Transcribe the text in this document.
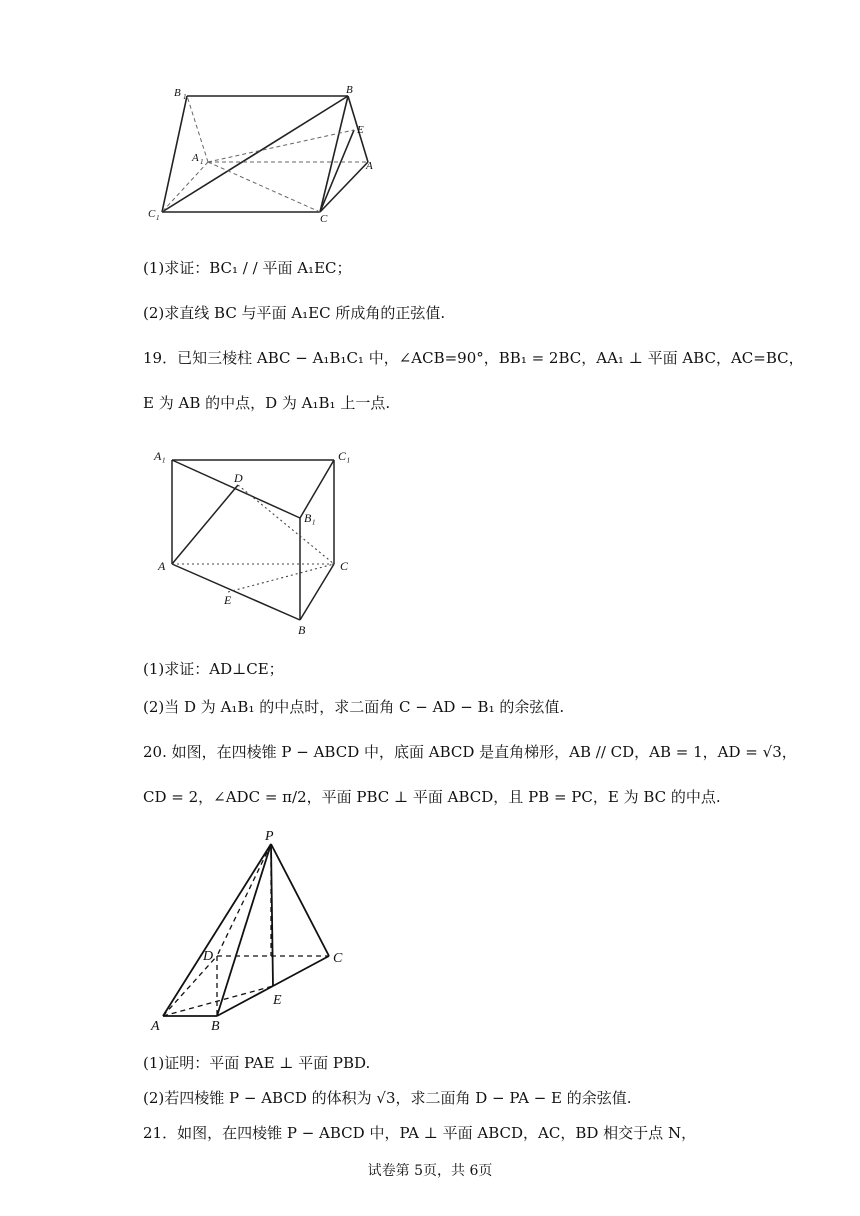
B 1
B
E
A 1	A
C 1	C
(1)求证：BC₁ / / 平面 A₁EC；
(2)求直线 BC 与平面 A₁EC 所成角的正弦值.
19．已知三棱柱 ABC − A₁B₁C₁ 中，∠ACB=90°，BB₁ = 2BC，AA₁ ⊥ 平面 ABC，AC=BC，
E 为 AB 的中点，D 为 A₁B₁ 上一点.
A₁	C₁
D
B₁
A	C
E
B
(1)求证：AD⊥CE；
(2)当 D 为 A₁B₁ 的中点时，求二面角 C − AD − B₁ 的余弦值.
20. 如图，在四棱锥 P − ABCD 中，底面 ABCD 是直角梯形，AB // CD，AB = 1，AD = √3，
CD = 2，∠ADC = π/2，平面 PBC ⊥ 平面 ABCD，且 PB = PC，E 为 BC 的中点.
P
D	C
E
A	B
(1)证明：平面 PAE ⊥ 平面 PBD.
(2)若四棱锥 P − ABCD 的体积为 √3，求二面角 D − PA − E 的余弦值.
21．如图，在四棱锥 P − ABCD 中，PA ⊥ 平面 ABCD，AC，BD 相交于点 N，
试卷第 5页，共 6页
